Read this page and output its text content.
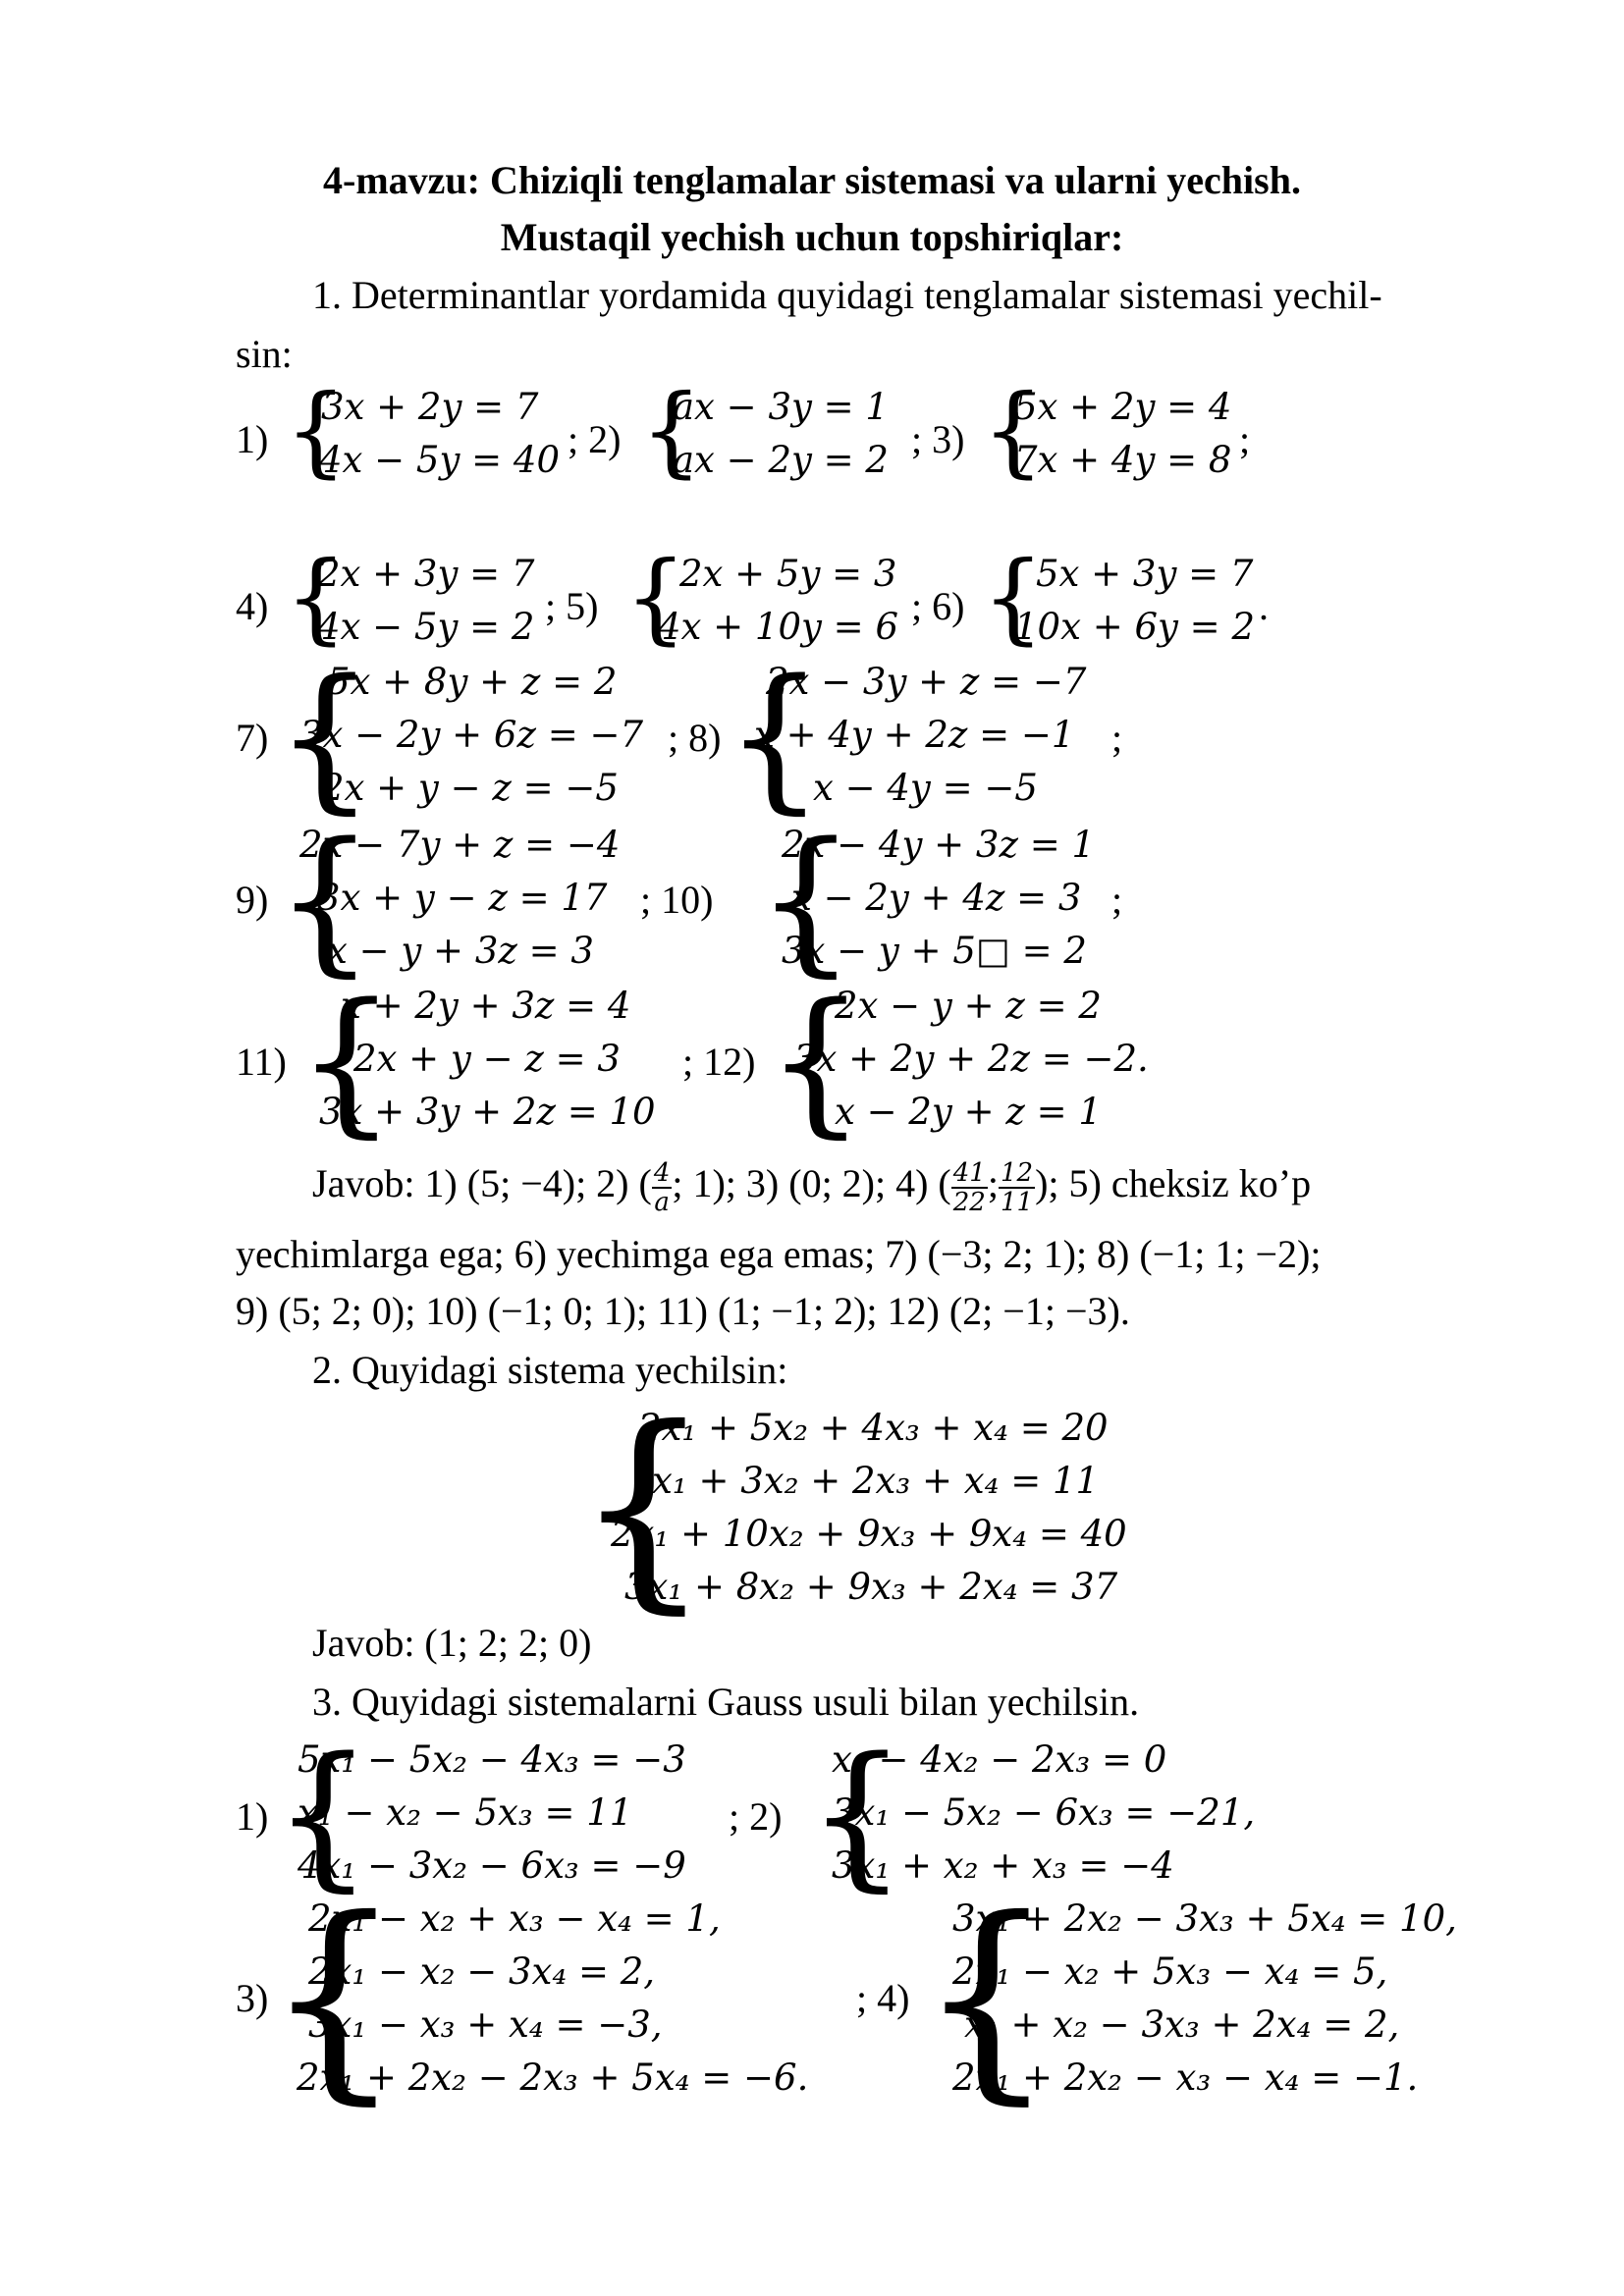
4-mavzu: Chiziqli tenglamalar sistemasi va ularni yechish.
Mustaqil yechish uchun topshiriqlar:
1. Determinantlar yordamida quyidagi tenglamalar sistemasi yechil-
sin:
1) {

3x + 2y = 7

4x − 5y = 40

; 2) {

ax − 3y = 1

ax − 2y = 2

; 3) {

5x + 2y = 4

7x + 4y = 8

;
4) {

2x + 3y = 7

4x − 5y = 2

; 5) {

2x + 5y = 3

4x + 10y = 6

; 6) {

5x + 3y = 7

10x + 6y = 2

.
7) {

5x + 8y + z = 2

3x − 2y + 6z = −7

2x + y − z = −5

; 8) {

2x − 3y + z = −7

x + 4y + 2z = −1

x − 4y = −5

;
9) {

2x − 7y + z = −4

3x + y − z = 17

x − y + 3z = 3

; 10) {

2x − 4y + 3z = 1

x − 2y + 4z = 3

3x − y + 5□ = 2

;
11) {

x + 2y + 3z = 4

2x + y − z = 3

3x + 3y + 2z = 10

; 12) {

2x − y + z = 2

3x + 2y + 2z = −2.

x − 2y + z = 1

Javob: 1) (5; −4); 2) ( $\frac{4}{a}$ ; 1); 3) (0; 2); 4) ( $\frac{41}{22}$ ; $\frac{12}{11}$ ); 5) cheksiz ko’p
yechimlarga ega; 6) yechimga ega emas; 7) (−3; 2; 1); 8) (−1; 1; −2);
9) (5; 2; 0); 10) (−1; 0; 1); 11) (1; −1; 2); 12) (2; −1; −3).
2. Quyidagi sistema yechilsin:
{

2x₁ + 5x₂ + 4x₃ + x₄ = 20

x₁ + 3x₂ + 2x₃ + x₄ = 11

2x₁ + 10x₂ + 9x₃ + 9x₄ = 40

3x₁ + 8x₂ + 9x₃ + 2x₄ = 37

Javob: (1; 2; 2; 0)
3. Quyidagi sistemalarni Gauss usuli bilan yechilsin.
1) {

5x₁ − 5x₂ − 4x₃ = −3

x₁ − x₂ − 5x₃ = 11

4x₁ − 3x₂ − 6x₃ = −9

; 2) {

x₁ − 4x₂ − 2x₃ = 0

3x₁ − 5x₂ − 6x₃ = −21,

3x₁ + x₂ + x₃ = −4

3)
{

2x₁ − x₂ + x₃ − x₄ = 1,

2x₁ − x₂ − 3x₄ = 2,

3x₁ − x₃ + x₄ = −3,

2x₁ + 2x₂ − 2x₃ + 5x₄ = −6.

; 4) {

3x₁ + 2x₂ − 3x₃ + 5x₄ = 10,

2x₁ − x₂ + 5x₃ − x₄ = 5,

x₁ + x₂ − 3x₃ + 2x₄ = 2,

2x₁ + 2x₂ − x₃ − x₄ = −1.
